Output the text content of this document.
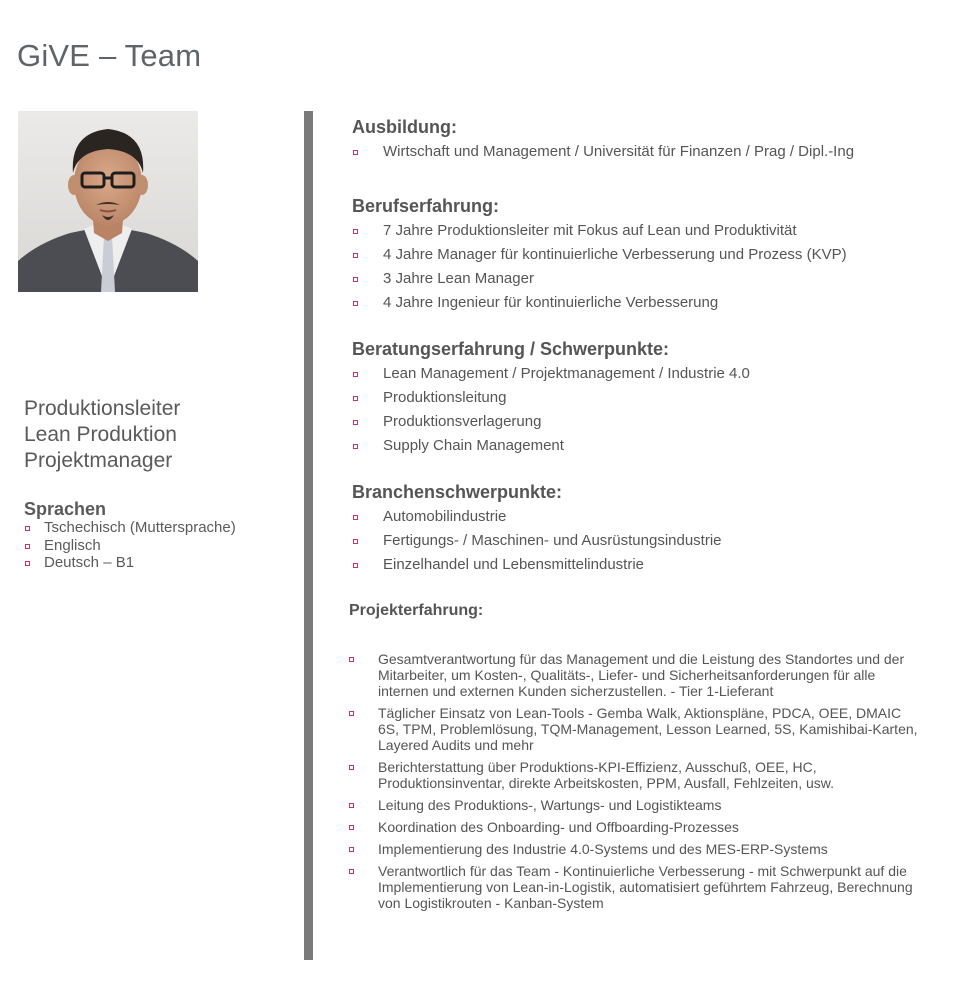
GiVE – Team
Produktionsleiter
Lean Produktion
Projektmanager
Sprachen
Tschechisch (Muttersprache)
Englisch
Deutsch – B1
Ausbildung:
Wirtschaft und Management / Universität für Finanzen / Prag / Dipl.-Ing
Berufserfahrung:
7 Jahre Produktionsleiter mit Fokus auf Lean und Produktivität
4 Jahre Manager für kontinuierliche Verbesserung und Prozess (KVP)
3 Jahre Lean Manager
4 Jahre Ingenieur für kontinuierliche Verbesserung
Beratungserfahrung / Schwerpunkte:
Lean Management / Projektmanagement / Industrie 4.0
Produktionsleitung
Produktionsverlagerung
Supply Chain Management
Branchenschwerpunkte:
Automobilindustrie
Fertigungs- / Maschinen- und Ausrüstungsindustrie
Einzelhandel und Lebensmittelindustrie
Projekterfahrung:
Gesamtverantwortung für das Management und die Leistung des Standortes und der Mitarbeiter, um Kosten-, Qualitäts-, Liefer- und Sicherheitsanforderungen für alle internen und externen Kunden sicherzustellen. - Tier 1-Lieferant
Täglicher Einsatz von Lean-Tools - Gemba Walk, Aktionspläne, PDCA, OEE, DMAIC 6S, TPM, Problemlösung, TQM-Management, Lesson Learned, 5S, Kamishibai-Karten, Layered Audits und mehr
Berichterstattung über Produktions-KPI-Effizienz, Ausschuß, OEE, HC, Produktionsinventar, direkte Arbeitskosten, PPM, Ausfall, Fehlzeiten, usw.
Leitung des Produktions-, Wartungs- und Logistikteams
Koordination des Onboarding- und Offboarding-Prozesses
Implementierung des Industrie 4.0-Systems und des MES-ERP-Systems
Verantwortlich für das Team - Kontinuierliche Verbesserung - mit Schwerpunkt auf die Implementierung von Lean-in-Logistik, automatisiert geführtem Fahrzeug, Berechnung von Logistikrouten - Kanban-System
